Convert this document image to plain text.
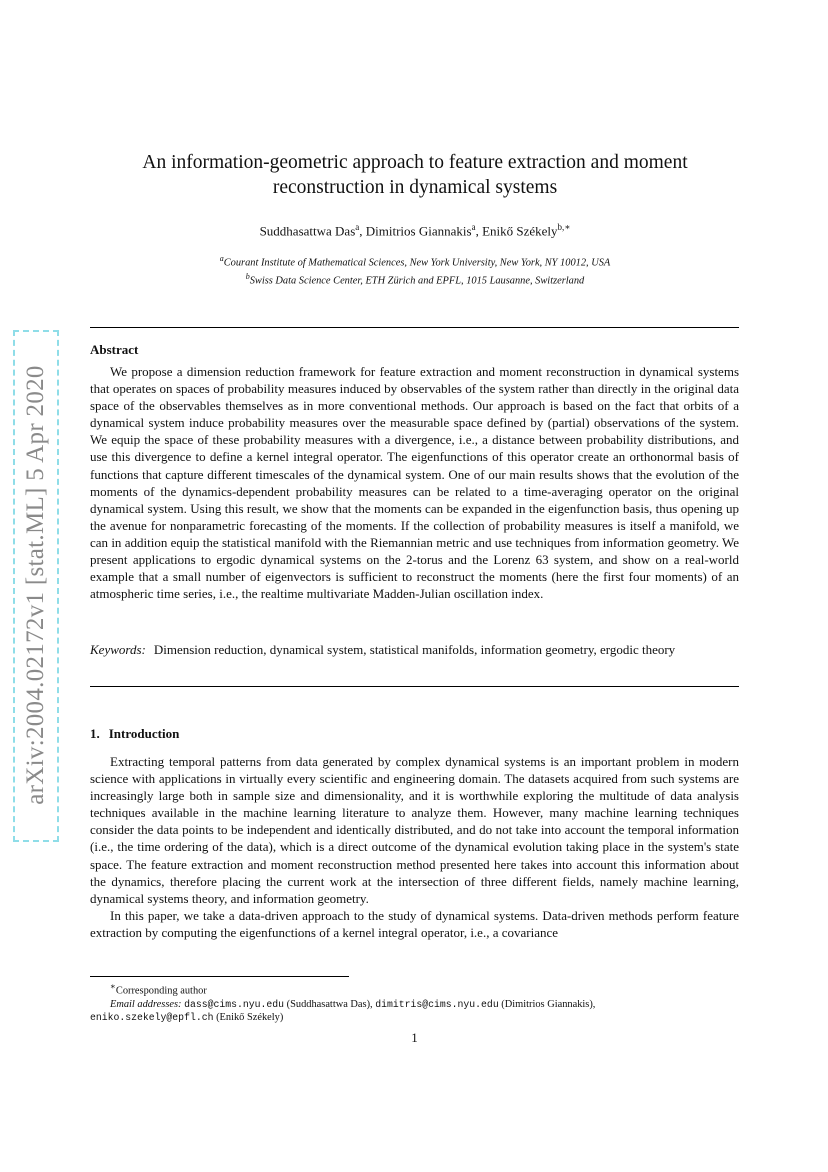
arXiv:2004.02172v1 [stat.ML] 5 Apr 2020
An information-geometric approach to feature extraction and moment
reconstruction in dynamical systems
Suddhasattwa Das$^a$, Dimitrios Giannakis$^a$, Enikő Székely$^{b,∗}$
$^a$Courant Institute of Mathematical Sciences, New York University, New York, NY 10012, USA
$^b$Swiss Data Science Center, ETH Zürich and EPFL, 1015 Lausanne, Switzerland
Abstract
We propose a dimension reduction framework for feature extraction and moment reconstruction in dynamical systems that operates on spaces of probability measures induced by observables of the system rather than directly in the original data space of the observables themselves as in more conventional methods. Our approach is based on the fact that orbits of a dynamical system induce probability measures over the measurable space defined by (partial) observations of the system. We equip the space of these probability measures with a divergence, i.e., a distance between probability distributions, and use this divergence to define a kernel integral operator. The eigenfunctions of this operator create an orthonormal basis of functions that capture different timescales of the dynamical system. One of our main results shows that the evolution of the moments of the dynamics-dependent probability measures can be related to a time-averaging operator on the original dynamical system. Using this result, we show that the moments can be expanded in the eigenfunction basis, thus opening up the avenue for nonparametric forecasting of the moments. If the collection of probability measures is itself a manifold, we can in addition equip the statistical manifold with the Riemannian metric and use techniques from information geometry. We present applications to ergodic dynamical systems on the 2-torus and the Lorenz 63 system, and show on a real-world example that a small number of eigenvectors is sufficient to reconstruct the moments (here the first four moments) of an atmospheric time series, i.e., the realtime multivariate Madden-Julian oscillation index.
Keywords: Dimension reduction, dynamical system, statistical manifolds, information geometry, ergodic theory
1. Introduction

Extracting temporal patterns from data generated by complex dynamical systems is an important problem in modern science with applications in virtually every scientific and engineering domain. The datasets acquired from such systems are increasingly large both in sample size and dimensionality, and it is worthwhile exploring the multitude of data analysis techniques available in the machine learning literature to analyze them. However, many machine learning techniques consider the data points to be independent and identically distributed, and do not take into account the temporal information (i.e., the time ordering of the data), which is a direct outcome of the dynamical evolution taking place in the system's state space. The feature extraction and moment reconstruction method presented here takes into account this information about the dynamics, therefore placing the current work at the intersection of three different fields, namely machine learning, dynamical systems theory, and information geometry.

In this paper, we take a data-driven approach to the study of dynamical systems. Data-driven methods perform feature extraction by computing the eigenfunctions of a kernel integral operator, i.e., a covariance

∗Corresponding author
Email addresses: dass@cims.nyu.edu (Suddhasattwa Das), dimitris@cims.nyu.edu (Dimitrios Giannakis),
eniko.szekely@epfl.ch (Enikő Székely)
1
